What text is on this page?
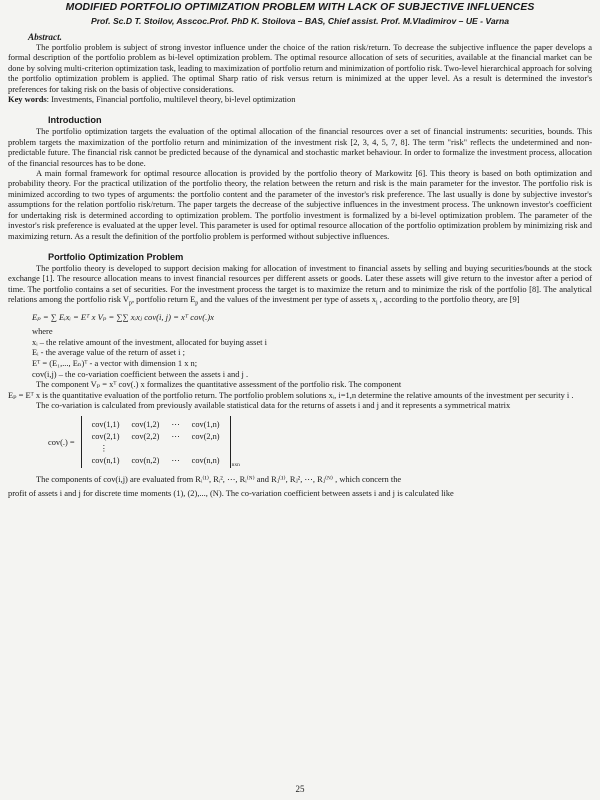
MODIFIED PORTFOLIO OPTIMIZATION PROBLEM WITH LACK OF SUBJECTIVE INFLUENCES
Prof. Sc.D T. Stoilov, Asscoc.Prof. PhD K. Stoilova – BAS, Chief assist. Prof. M.Vladimirov – UE - Varna
Abstract.

The portfolio problem is subject of strong investor influence under the choice of the ration risk/return. To decrease the subjective influence the paper develops a formal description of the portfolio problem as bi-level optimization problem. The optimal resource allocation of sets of securities, available at the financial market can be done by solving multi-criterion optimization task, leading to maximization of portfolio return and minimization of portfolio risk. Two-level hierarchical approach for solving the portfolio optimization problem is applied. The optimal Sharp ratio of risk versus return is minimized at the upper level. As a result is determined the investor's preferences for taking risk on the basis of objective considerations.

Key words: Investments, Financial portfolio, multilevel theory, bi-level optimization
Introduction

The portfolio optimization targets the evaluation of the optimal allocation of the financial resources over a set of financial instruments: securities, bounds. This problem targets the maximization of the portfolio return and minimization of the investment risk [2, 3, 4, 5, 7, 8]. The term "risk" reflects the undetermined and non-predictable future. The financial risk cannot be predicted because of the dynamical and stochastic market behaviour. In order to formalize the investment process, allocation of the financial resources has to be done.

A main formal framework for optimal resource allocation is provided by the portfolio theory of Markowitz [6]. This theory is based on both optimization and probability theory. For the practical utilization of the portfolio theory, the relation between the return and risk is the main parameter for the investor. The portfolio risk is minimized according to two types of arguments: the portfolio content and the parameter of the investor's risk preference. The last usually is done by subjective investor's assumptions for the relation portfolio risk/return. The paper targets the decrease of the subjective influences in the investment process. The unknown investor's coefficient for undertaking risk is determined according to optimization problem. The portfolio investment is formalized by a bi-level optimization problem. The parameter of the investor's risk preference is evaluated at the upper level. This parameter is used for optimal resource allocation of the portfolio optimization problem by minimizing risk and maximizing return. As a result the definition of the portfolio problem is performed without subjective influences.

Portfolio Optimization Problem

The portfolio theory is developed to support decision making for allocation of investment to financial assets by selling and buying securities/bounds at the stock exchange [1]. The resource allocation means to invest financial resources per different assets or goods. Later these assets will give return to the investor after a period of time. The portfolio contains a set of securities. For the investment process the target is to maximize the return and to minimize the risk of the portfolio [8]. The analytical relations among the portfolio risk $V_p$, portfolio return $E_p$ and the values of the investment per type of assets $x_i$ , according to the portfolio theory, are [9]

Eₚ = ∑ Eᵢxᵢ = Eᵀ x Vₚ = ∑∑ xᵢxⱼ cov(i, j) = xᵀ cov(.)x
where
xᵢ – the relative amount of the investment, allocated for buying asset i
Eᵢ - the average value of the return of asset i ;
Eᵀ = (E₁,..., Eₙ)ᵀ - a vector with dimension 1 x n;
cov(i,j) – the co-variation coefficient between the assets i and j .

The component Vₚ = xᵀ cov(.) x formalizes the quantitative assessment of the portfolio risk. The component

Eₚ = Eᵀ x is the quantitative evaluation of the portfolio return. The portfolio problem solutions xᵢ, i=1,n determine the relative amounts of the investment per security i .

The co-variation is calculated from previously available statistical data for the returns of assets i and j and it represents a symmetrical matrix

cov(.) =
cov(1,1)	cov(1,2)	⋯	cov(1,n)
cov(2,1)	cov(2,2)	⋯	cov(2,n)
⋮			
cov(n,1)	cov(n,2)	⋯	cov(n,n)
nxn

The components of cov(i,j) are evaluated from Rᵢ⁽¹⁾, Rᵢ², ⋯, Rᵢ⁽ᴺ⁾ and Rⱼ⁽¹⁾, Rⱼ², ⋯, Rⱼ⁽ᴺ⁾ , which concern the

profit of assets i and j for discrete time moments (1), (2),..., (N). The co-variation coefficient between assets i and j is calculated like

25
